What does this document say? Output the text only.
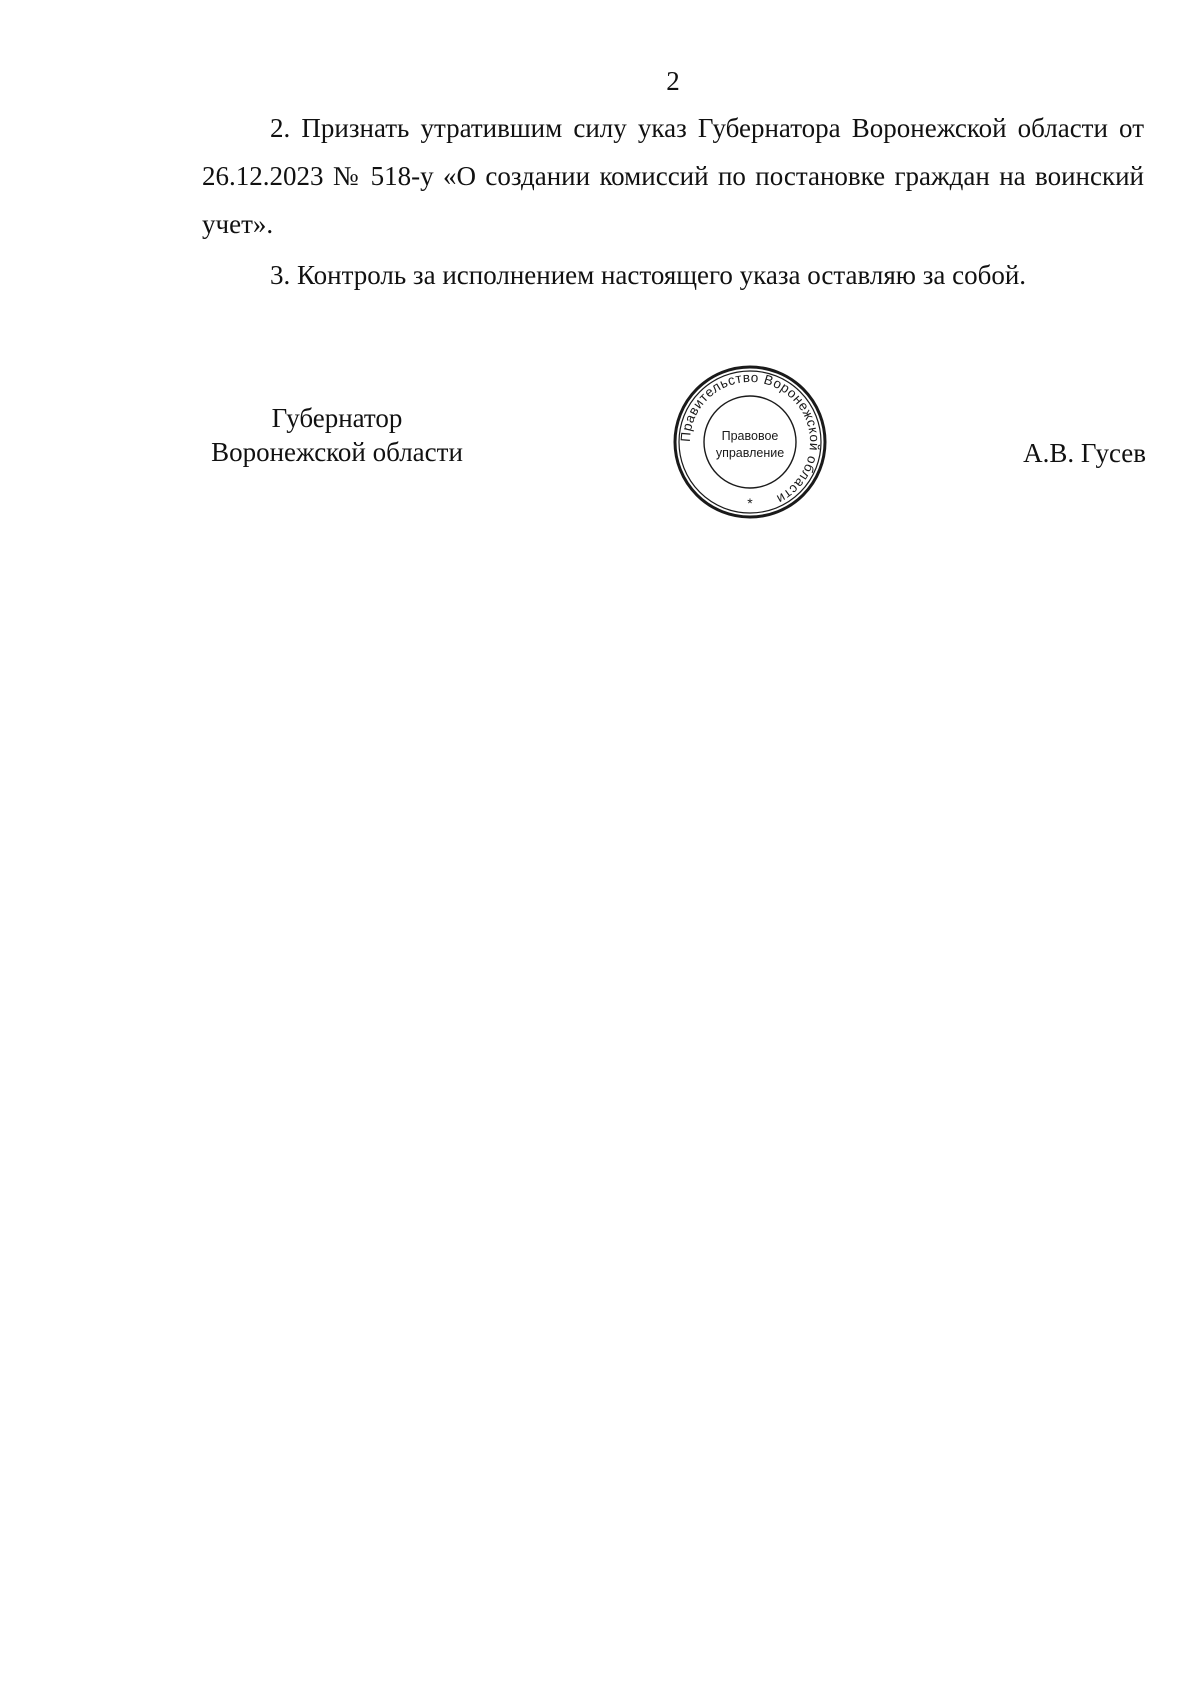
2

2. Признать утратившим силу указ Губернатора Воронежской области от 26.12.2023 № 518-у «О создании комиссий по постановке граждан на воинский учет».

3. Контроль за исполнением настоящего указа оставляю за собой.

Губернатор
Воронежской области
Правительство Воронежской области
Правовое
управление
*
А.В. Гусев
